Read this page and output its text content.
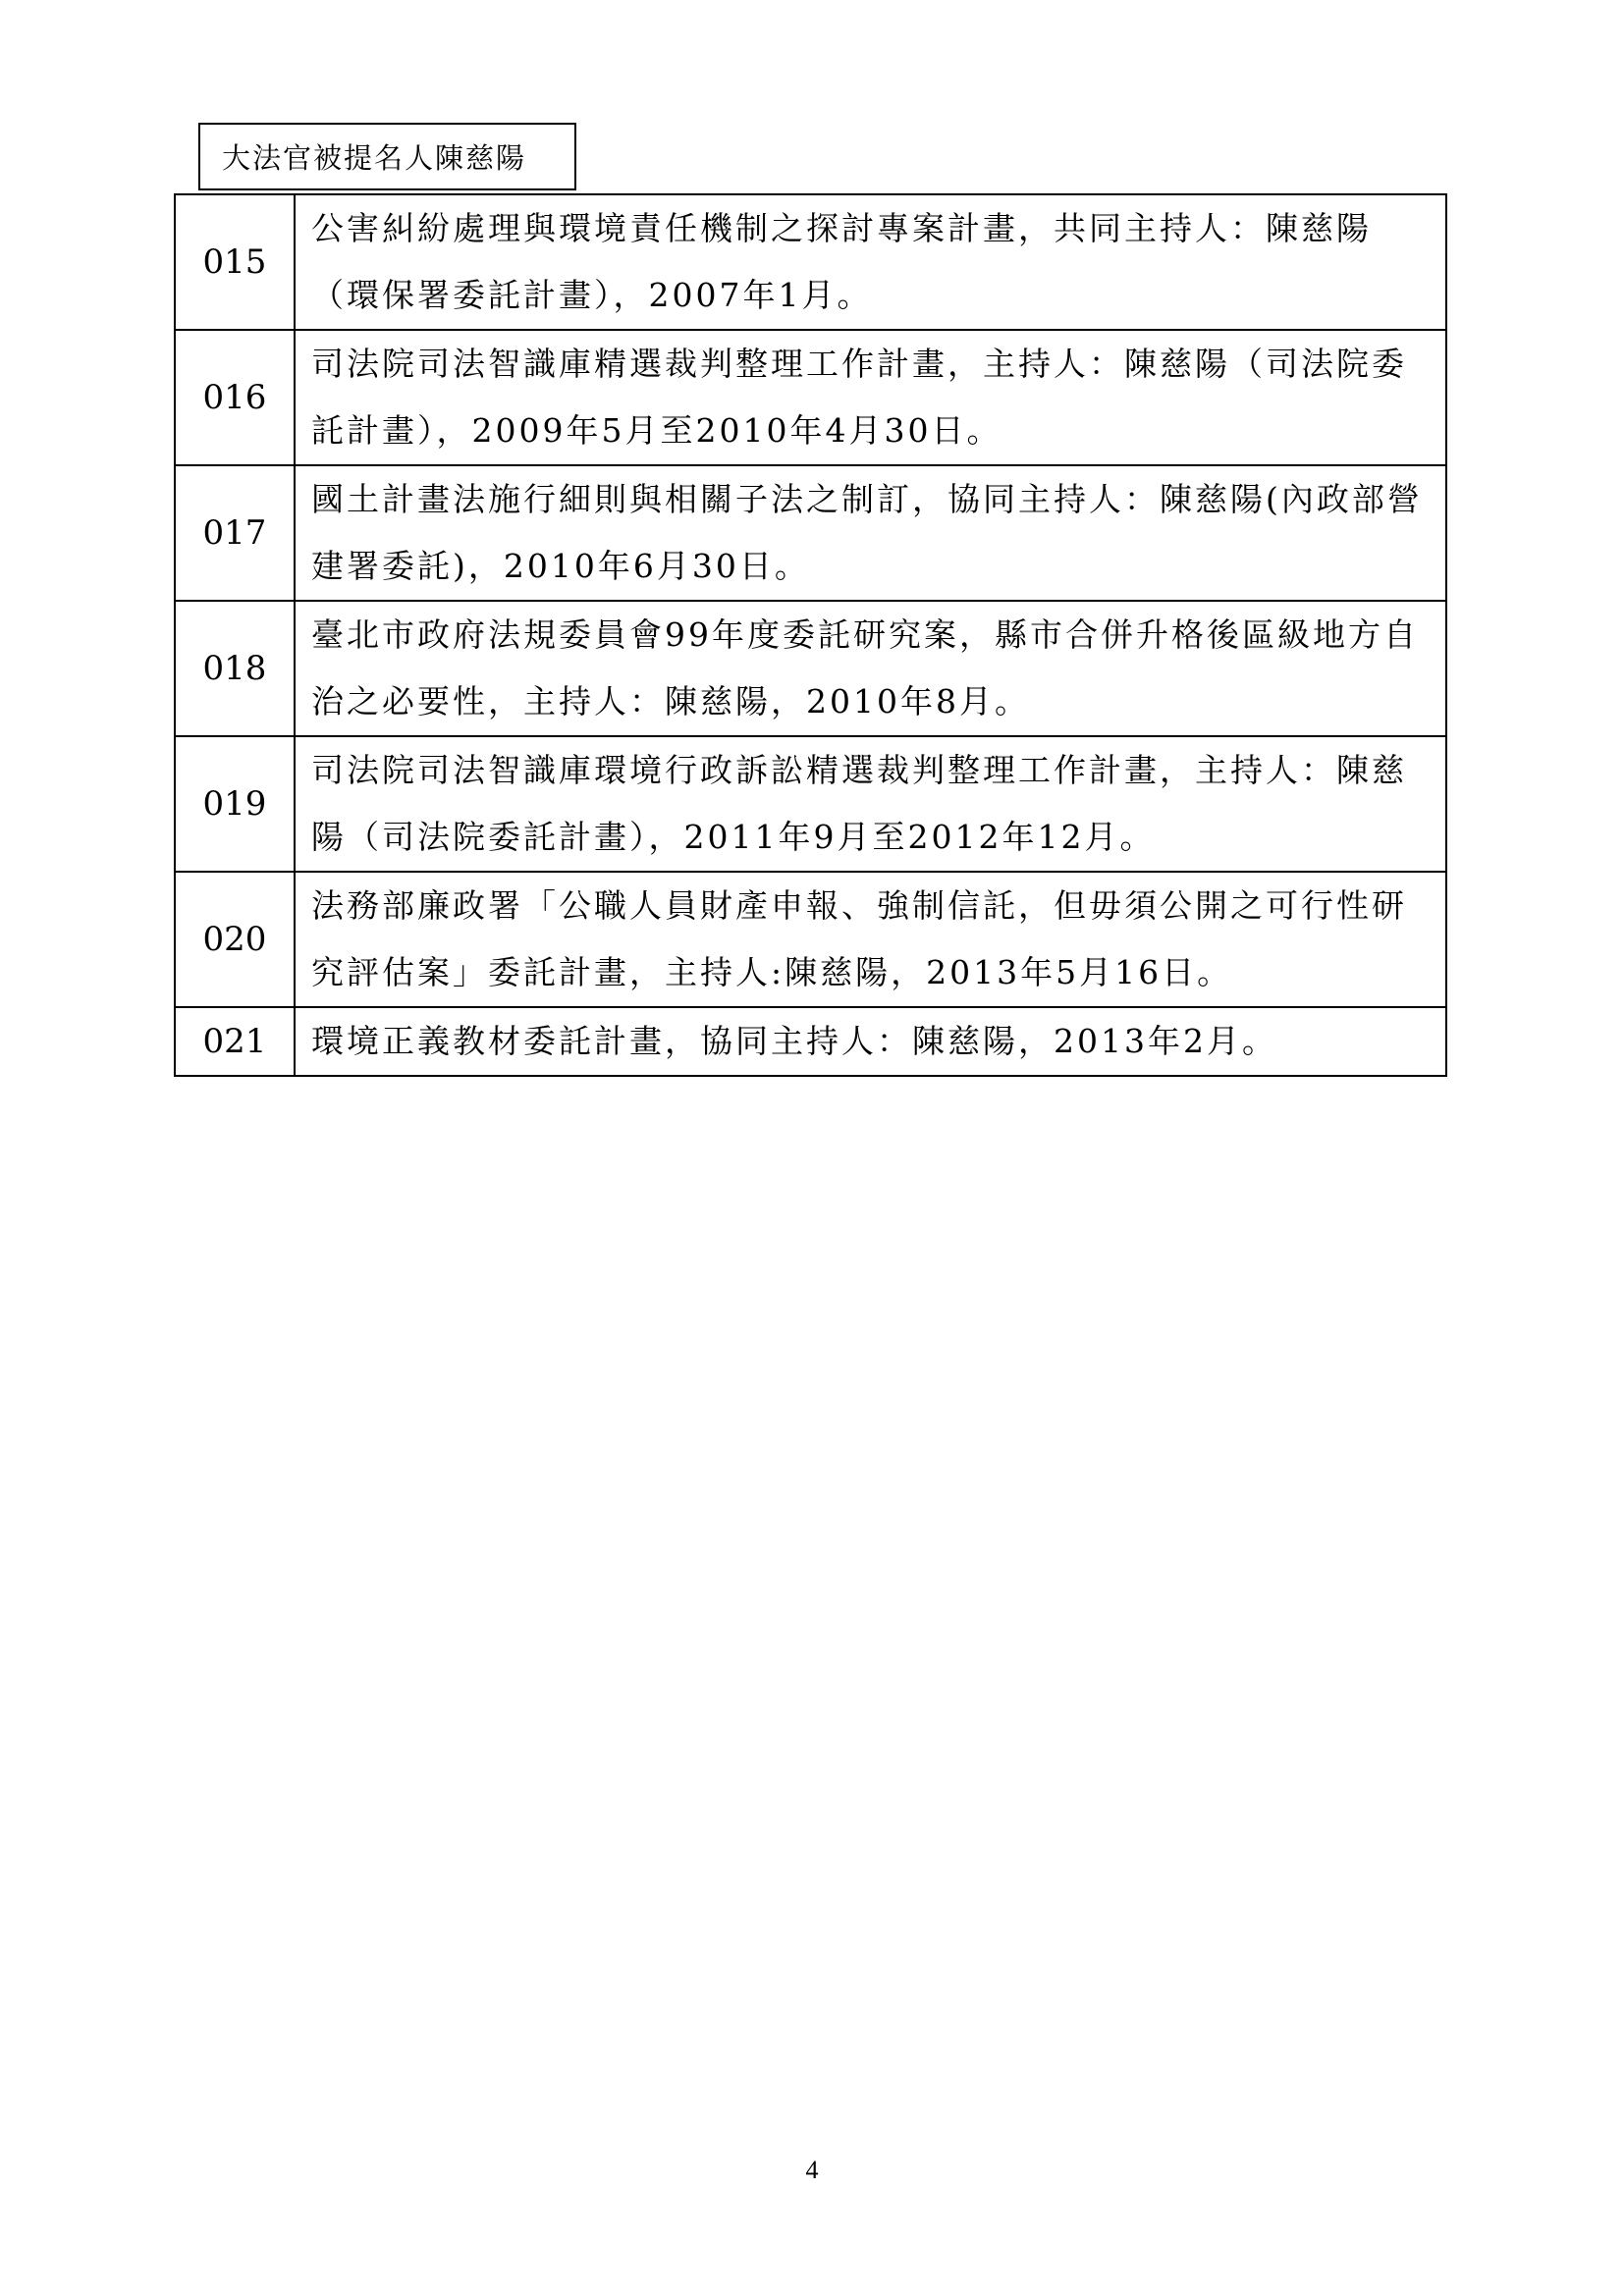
大法官被提名人陳慈陽
015	公害糾紛處理與環境責任機制之探討專案計畫，共同主持人：陳慈陽（環保署委託計畫），2007年1月。
016	司法院司法智識庫精選裁判整理工作計畫，主持人：陳慈陽（司法院委託計畫），2009年5月至2010年4月30日。
017	國土計畫法施行細則與相關子法之制訂，協同主持人：陳慈陽(內政部營建署委託)，2010年6月30日。
018	臺北市政府法規委員會99年度委託研究案，縣市合併升格後區級地方自治之必要性，主持人：陳慈陽，2010年8月。
019	司法院司法智識庫環境行政訴訟精選裁判整理工作計畫，主持人：陳慈陽（司法院委託計畫），2011年9月至2012年12月。
020	法務部廉政署「公職人員財產申報、強制信託，但毋須公開之可行性研究評估案」委託計畫，主持人:陳慈陽，2013年5月16日。
021	環境正義教材委託計畫，協同主持人：陳慈陽，2013年2月。
4
